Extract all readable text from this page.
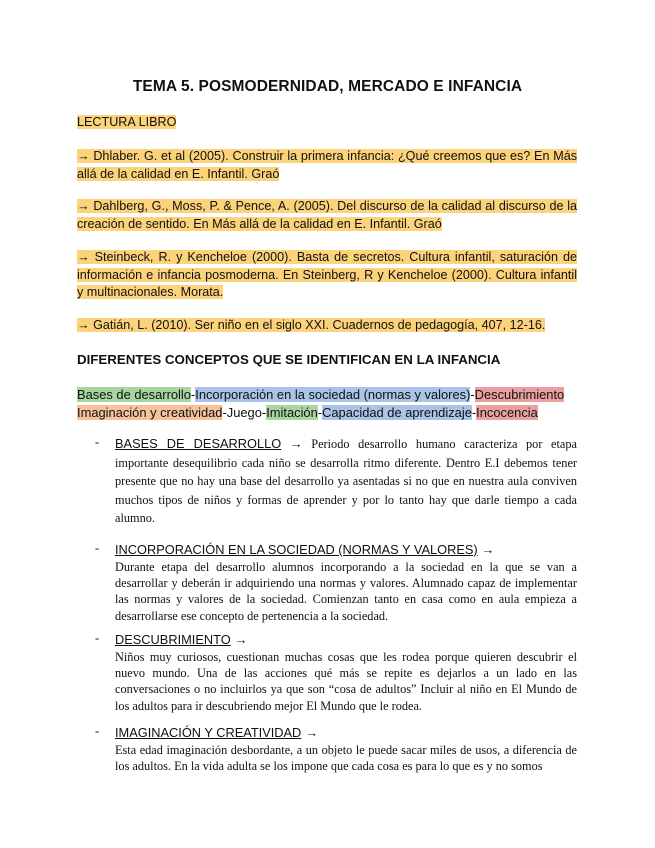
TEMA 5. POSMODERNIDAD, MERCADO E INFANCIA
LECTURA LIBRO
→ Dhlaber. G. et al (2005). Construir la primera infancia: ¿Qué creemos que es? En Más allá de la calidad en E. Infantil. Graó
→ Dahlberg, G., Moss, P. & Pence, A. (2005). Del discurso de la calidad al discurso de la creación de sentido. En Más allá de la calidad en E. Infantil. Graó
→ Steinbeck, R. y Kencheloe (2000). Basta de secretos. Cultura infantil, saturación de información e infancia posmoderna. En Steinberg, R y Kencheloe (2000). Cultura infantil y multinacionales. Morata.
→ Gatián, L. (2010). Ser niño en el siglo XXI. Cuadernos de pedagogía, 407, 12-16.
DIFERENTES CONCEPTOS QUE SE IDENTIFICAN EN LA INFANCIA
Bases de desarrollo-Incorporación en la sociedad (normas y valores)-Descubrimiento
Imaginación y creatividad-Juego-Imitación-Capacidad de aprendizaje-Incocencia
- BASES DE DESARROLLO → Periodo desarrollo humano caracteriza por etapa importante desequilibrio cada niño se desarrolla ritmo diferente. Dentro E.I debemos tener presente que no hay una base del desarrollo ya asentadas si no que en nuestra aula conviven muchos tipos de niños y formas de aprender y por lo tanto hay que darle tiempo a cada alumno.
- INCORPORACIÓN EN LA SOCIEDAD (NORMAS Y VALORES) →
Durante etapa del desarrollo alumnos incorporando a la sociedad en la que se van a desarrollar y deberán ir adquiriendo una normas y valores. Alumnado capaz de implementar las normas y valores de la sociedad. Comienzan tanto en casa como en aula empieza a desarrollarse ese concepto de pertenencia a la sociedad.
- DESCUBRIMIENTO →
Niños muy curiosos, cuestionan muchas cosas que les rodea porque quieren descubrir el nuevo mundo. Una de las acciones qué más se repite es dejarlos a un lado en las conversaciones o no incluirlos ya que son “cosa de adultos” Incluir al niño en El Mundo de los adultos para ir descubriendo mejor El Mundo que le rodea.
- IMAGINACIÓN Y CREATIVIDAD →
Esta edad imaginación desbordante, a un objeto le puede sacar miles de usos, a diferencia de los adultos. En la vida adulta se los impone que cada cosa es para lo que es y no somos
